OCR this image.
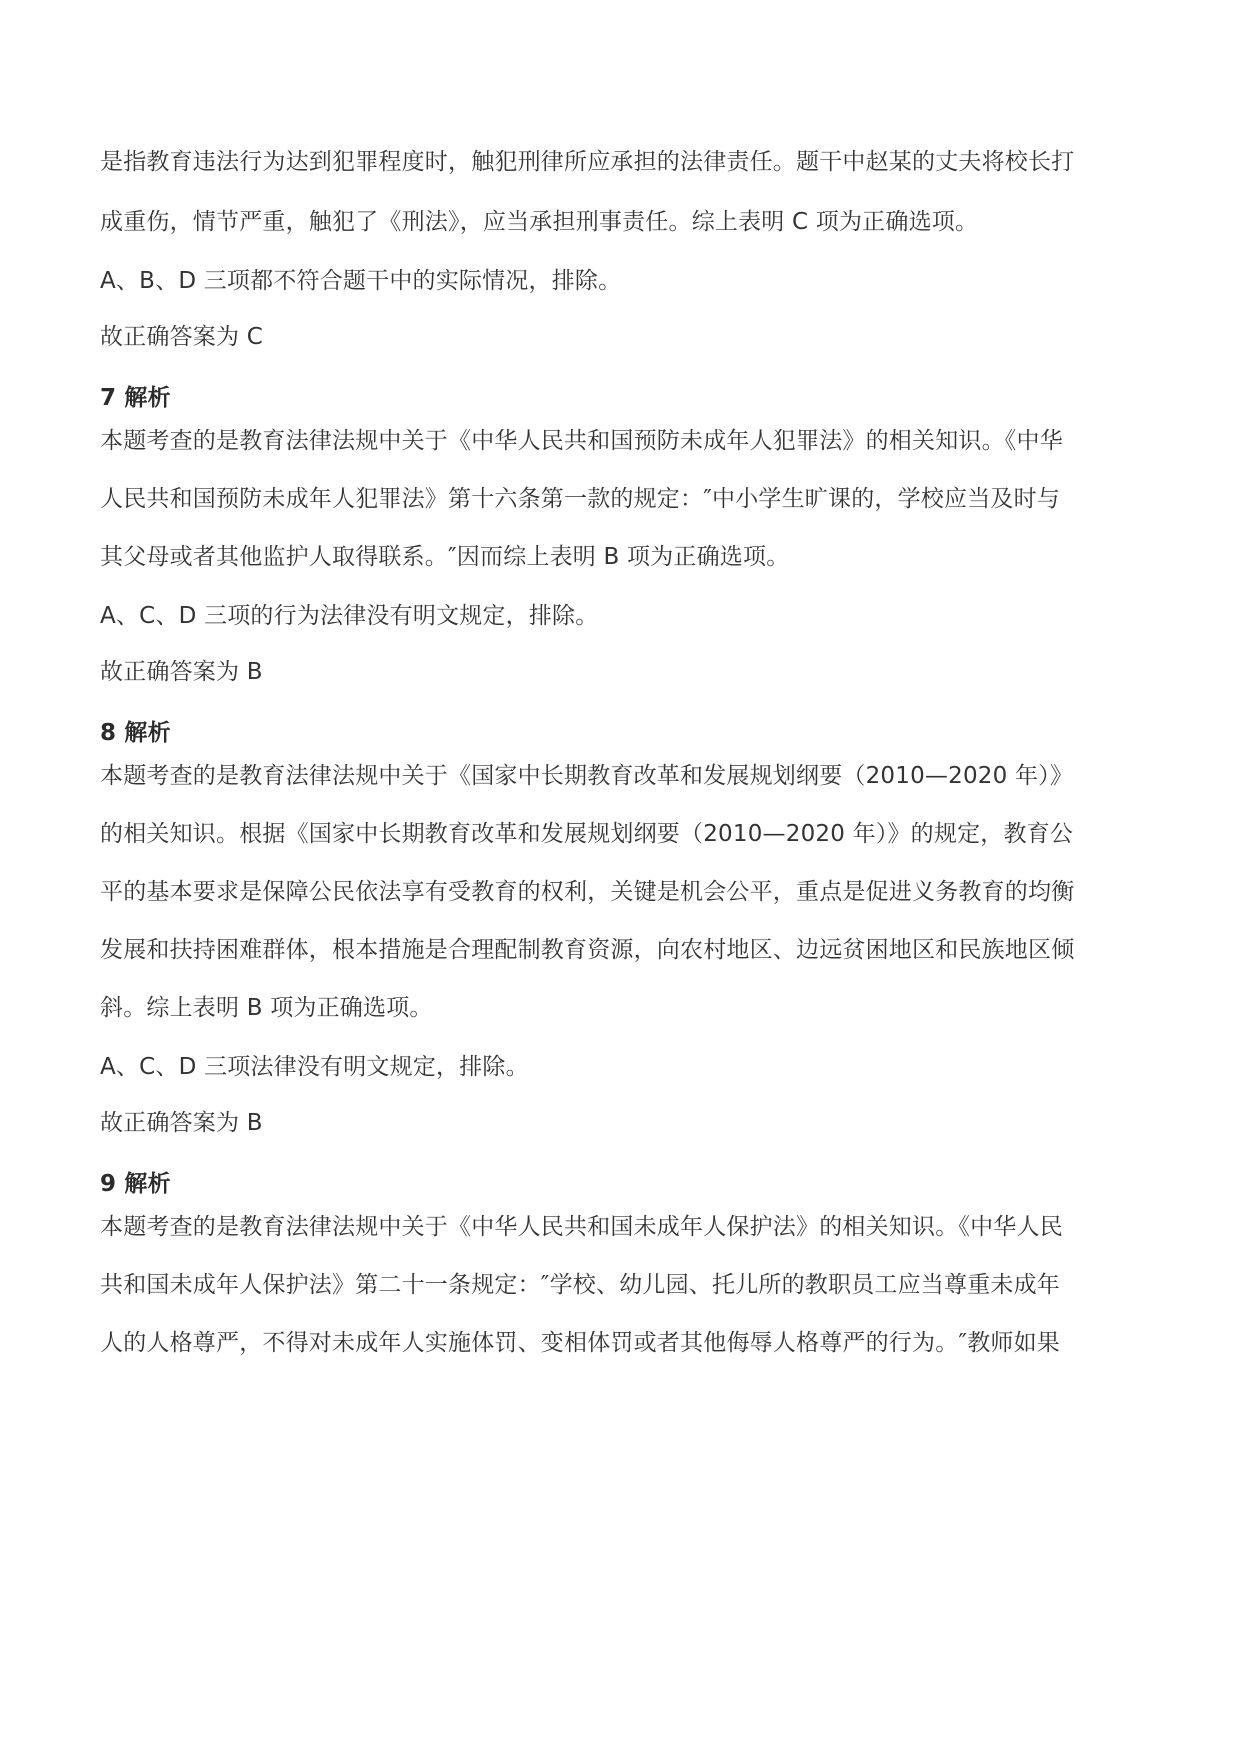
是指教育违法行为达到犯罪程度时，触犯刑律所应承担的法律责任。题干中赵某的丈夫将校长打
成重伤，情节严重，触犯了《刑法》，应当承担刑事责任。综上表明 C 项为正确选项。
A、B、D 三项都不符合题干中的实际情况，排除。
故正确答案为 C
7 解析
本题考查的是教育法律法规中关于《中华人民共和国预防未成年人犯罪法》的相关知识。《中华
人民共和国预防未成年人犯罪法》第十六条第一款的规定：″中小学生旷课的，学校应当及时与
其父母或者其他监护人取得联系。″因而综上表明 B 项为正确选项。
A、C、D 三项的行为法律没有明文规定，排除。
故正确答案为 B
8 解析
本题考查的是教育法律法规中关于《国家中长期教育改革和发展规划纲要（2010—2020 年）》
的相关知识。根据《国家中长期教育改革和发展规划纲要（2010—2020 年）》的规定，教育公
平的基本要求是保障公民依法享有受教育的权利，关键是机会公平，重点是促进义务教育的均衡
发展和扶持困难群体，根本措施是合理配制教育资源，向农村地区、边远贫困地区和民族地区倾
斜。综上表明 B 项为正确选项。
A、C、D 三项法律没有明文规定，排除。
故正确答案为 B
9 解析
本题考查的是教育法律法规中关于《中华人民共和国未成年人保护法》的相关知识。《中华人民
共和国未成年人保护法》第二十一条规定：″学校、幼儿园、托儿所的教职员工应当尊重未成年
人的人格尊严，不得对未成年人实施体罚、变相体罚或者其他侮辱人格尊严的行为。″教师如果
